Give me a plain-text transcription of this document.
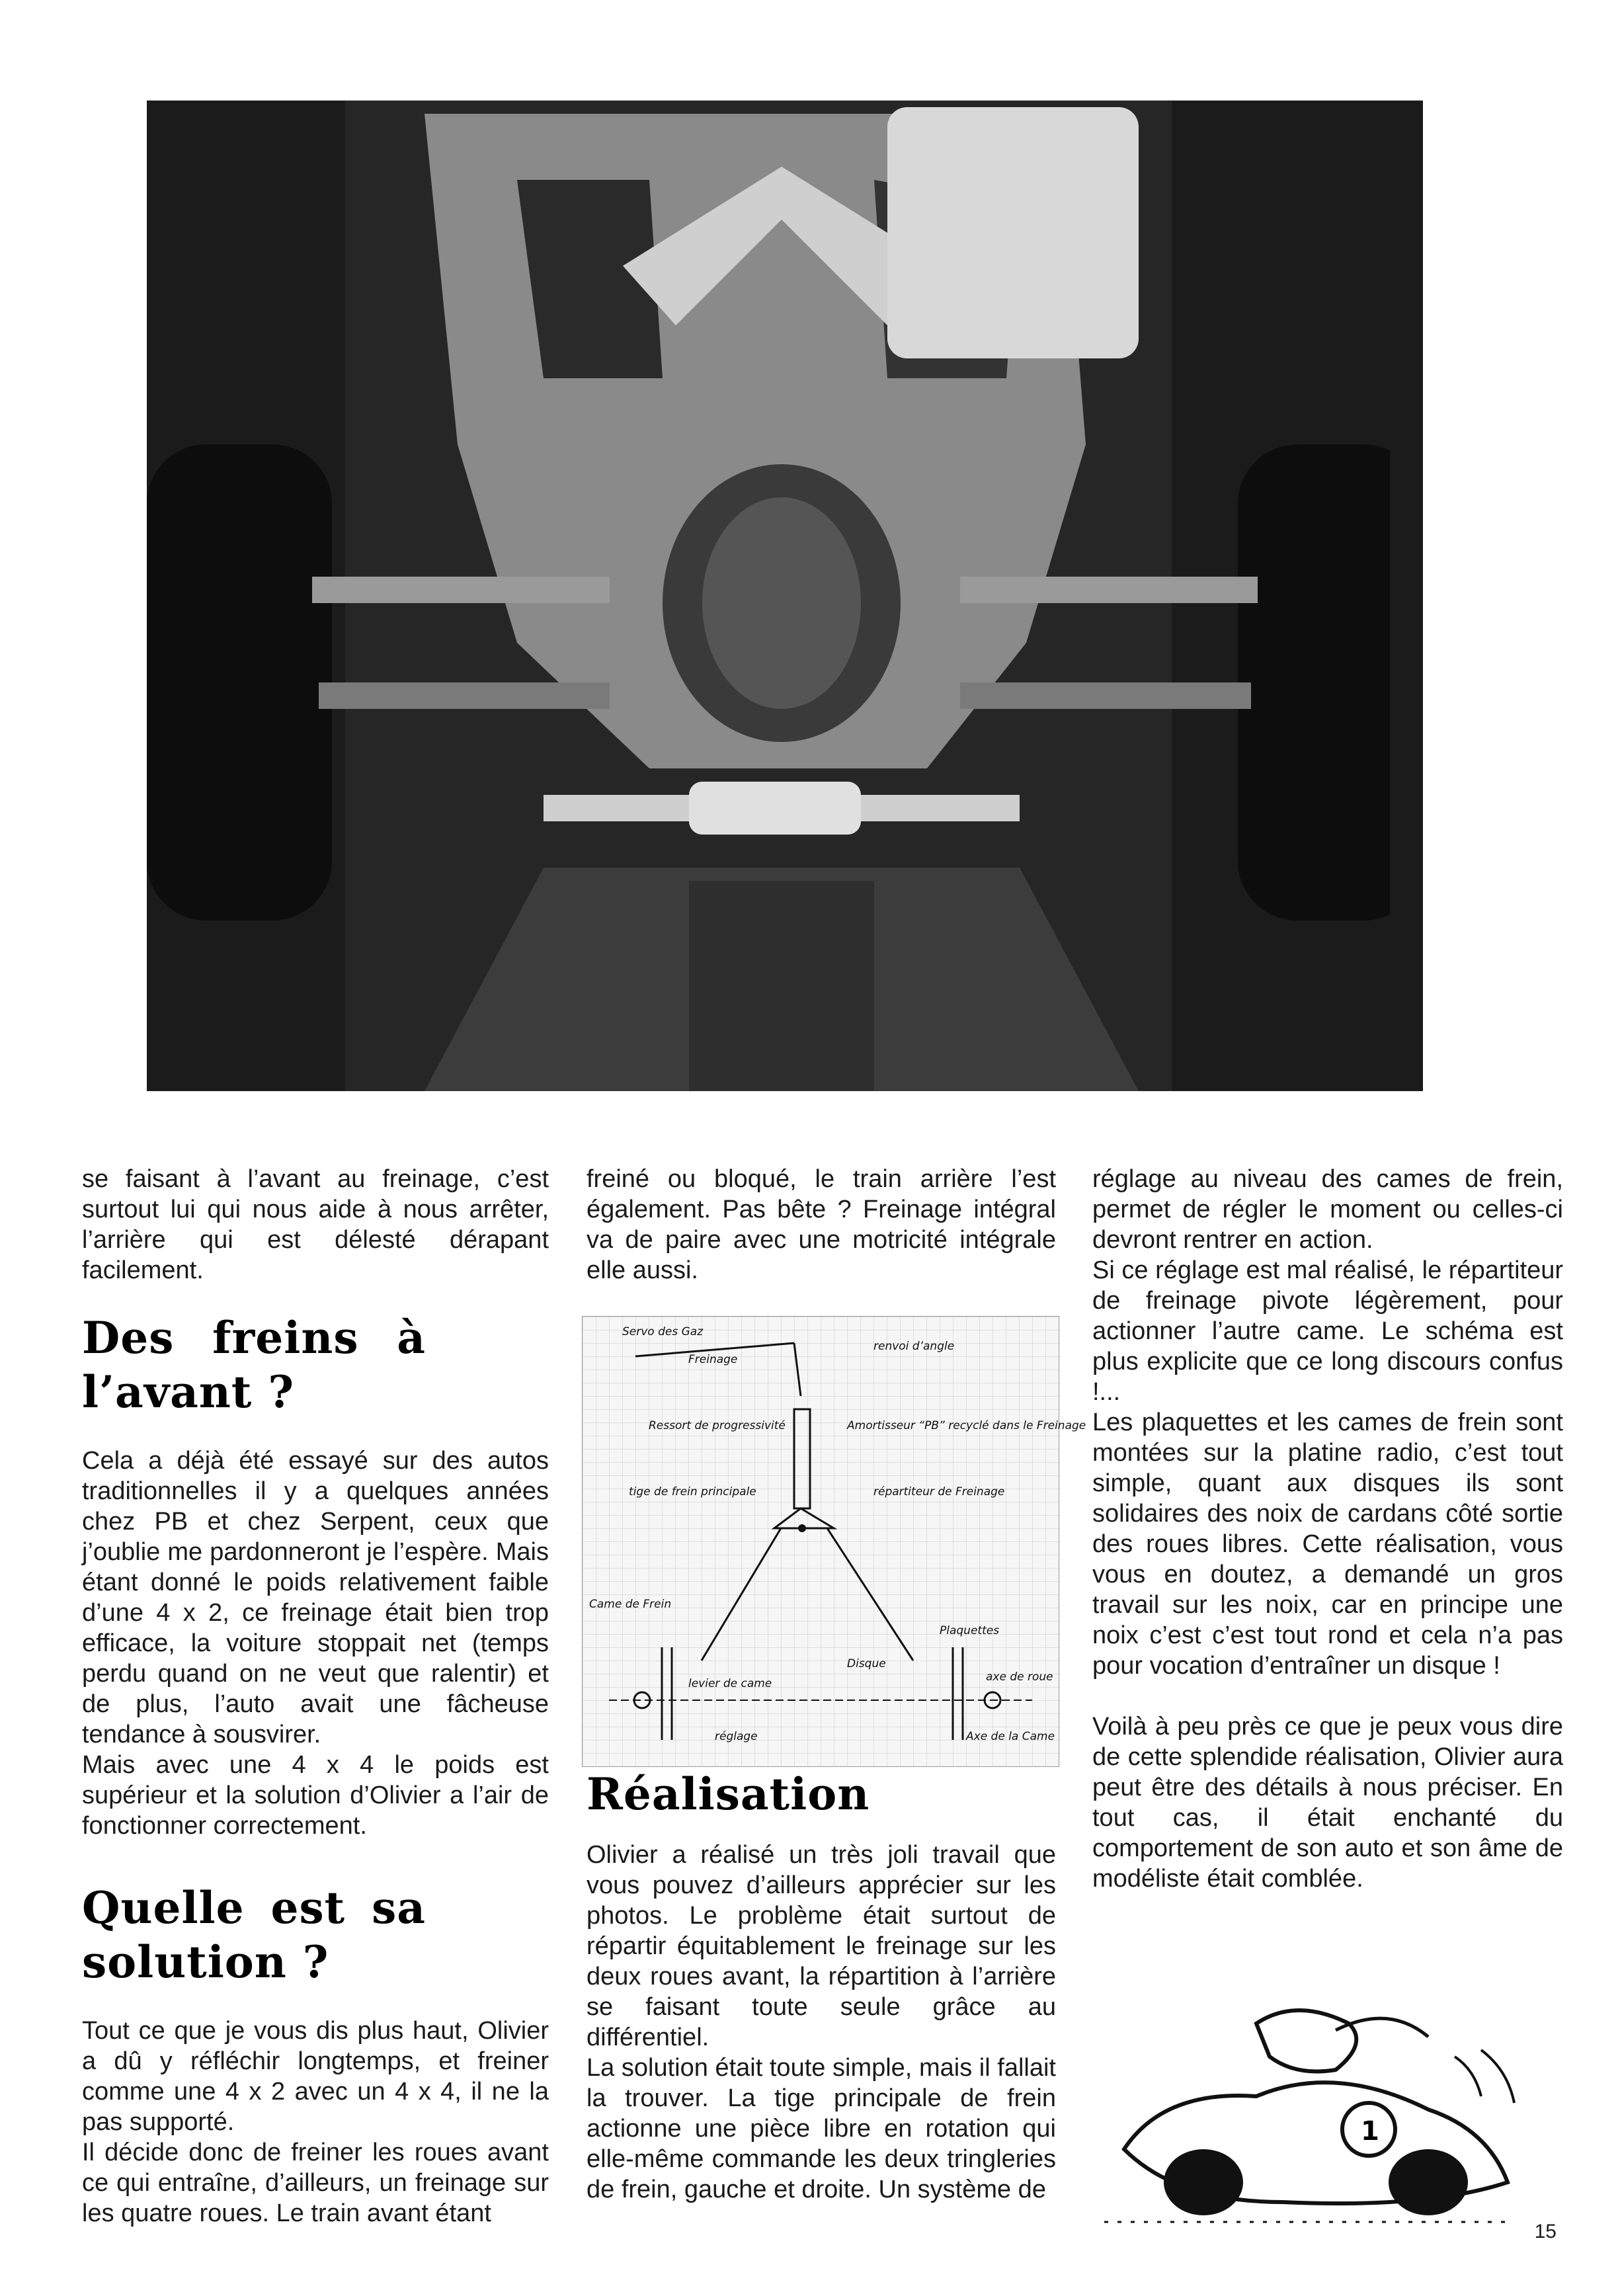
se faisant à l’avant au freinage, c’est surtout lui qui nous aide à nous arrêter, l’arrière qui est délesté dérapant facilement.

Des freins à l’avant ?

Cela a déjà été essayé sur des autos traditionnelles il y a quelques années chez PB et chez Serpent, ceux que j’oublie me pardonneront je l’espère. Mais étant donné le poids relativement faible d’une 4 x 2, ce freinage était bien trop efficace, la voiture stoppait net (temps perdu quand on ne veut que ralentir) et de plus, l’auto avait une fâcheuse tendance à sousvirer.

Mais avec une 4 x 4 le poids est supérieur et la solution d’Olivier a l’air de fonctionner correctement.

Quelle est sa solution ?

Tout ce que je vous dis plus haut, Olivier a dû y réfléchir longtemps, et freiner comme une 4 x 2 avec un 4 x 4, il ne la pas supporté.

Il décide donc de freiner les roues avant ce qui entraîne, d’ailleurs, un freinage sur les quatre roues. Le train avant étant

freiné ou bloqué, le train arrière l’est également. Pas bête ? Freinage intégral va de paire avec une motricité intégrale elle aussi.

Réalisation

Olivier a réalisé un très joli travail que vous pouvez d’ailleurs apprécier sur les photos. Le problème était surtout de répartir équitablement le freinage sur les deux roues avant, la répartition à l’arrière se faisant toute seule grâce au différentiel.

La solution était toute simple, mais il fallait la trouver. La tige principale de frein actionne une pièce libre en rotation qui elle-même commande les deux tringleries de frein, gauche et droite. Un système de

Servo des Gaz
Freinage
renvoi d’angle
Ressort de progressivité	Amortisseur “PB” recyclé dans le Freinage
tige de frein principale	répartiteur de Freinage
Came de Frein
Plaquettes
levier de came
Disque
axe de roue
réglage	Axe de la Came

réglage au niveau des cames de frein, permet de régler le moment ou celles-ci devront rentrer en action.

Si ce réglage est mal réalisé, le répartiteur de freinage pivote légèrement, pour actionner l’autre came. Le schéma est plus explicite que ce long discours confus !...

Les plaquettes et les cames de frein sont montées sur la platine radio, c’est tout simple, quant aux disques ils sont solidaires des noix de cardans côté sortie des roues libres. Cette réalisation, vous vous en doutez, a demandé un gros travail sur les noix, car en principe une noix c’est c’est tout rond et cela n’a pas pour vocation d’entraîner un disque !

Voilà à peu près ce que je peux vous dire de cette splendide réalisation, Olivier aura peut être des détails à nous préciser. En tout cas, il était enchanté du comportement de son auto et son âme de modéliste était comblée.

1
15
